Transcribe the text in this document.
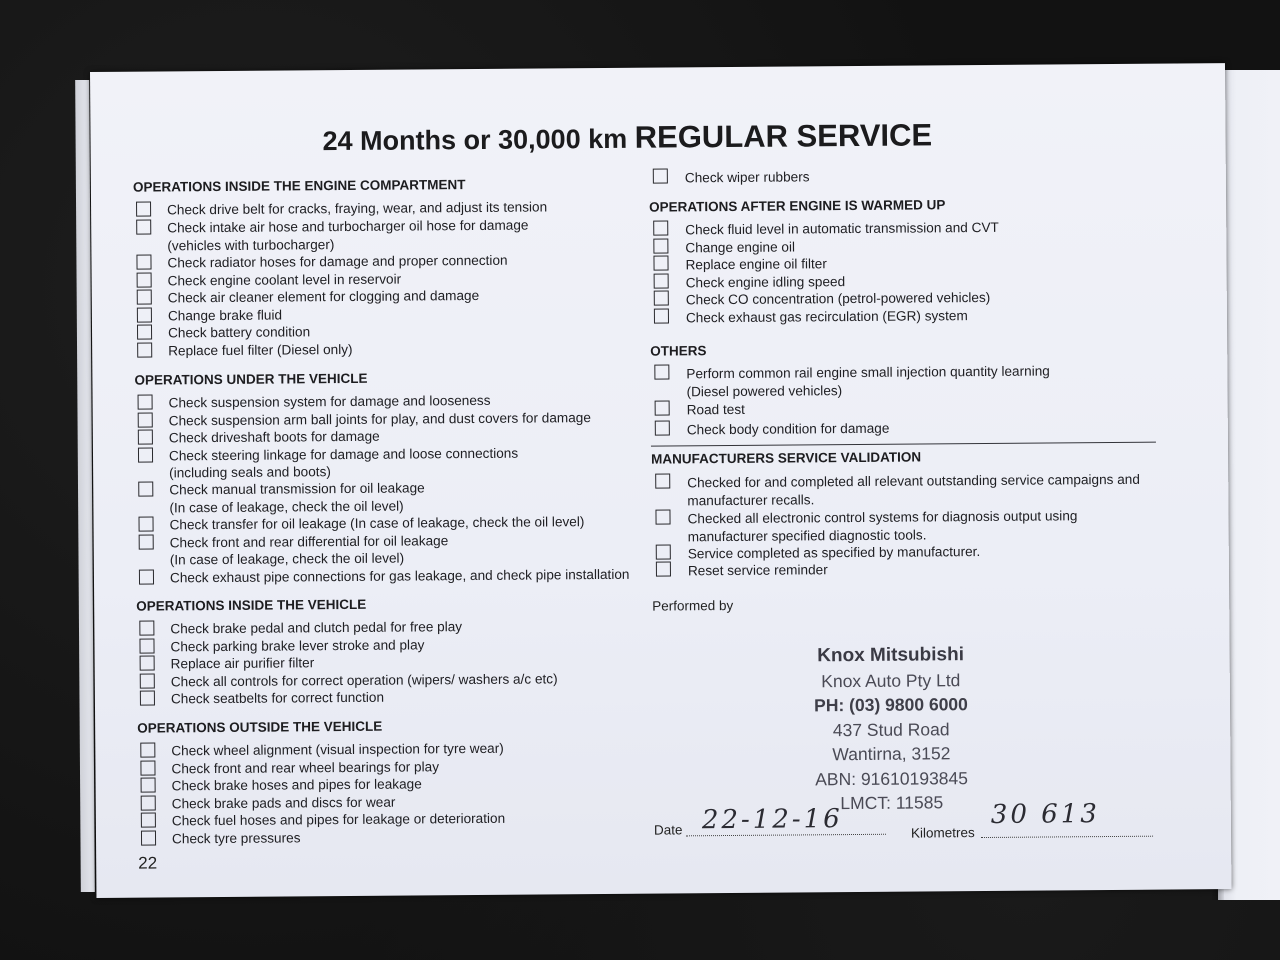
24 Months or 30,000 km REGULAR SERVICE
OPERATIONS INSIDE THE ENGINE COMPARTMENT
Check drive belt for cracks, fraying, wear, and adjust its tension
Check intake air hose and turbocharger oil hose for damage
(vehicles with turbocharger)
Check radiator hoses for damage and proper connection
Check engine coolant level in reservoir
Check air cleaner element for clogging and damage
Change brake fluid
Check battery condition
Replace fuel filter (Diesel only)
OPERATIONS UNDER THE VEHICLE
Check suspension system for damage and looseness
Check suspension arm ball joints for play, and dust covers for damage
Check driveshaft boots for damage
Check steering linkage for damage and loose connections
(including seals and boots)
Check manual transmission for oil leakage
(In case of leakage, check the oil level)
Check transfer for oil leakage (In case of leakage, check the oil level)
Check front and rear differential for oil leakage
(In case of leakage, check the oil level)
Check exhaust pipe connections for gas leakage, and check pipe installation
OPERATIONS INSIDE THE VEHICLE
Check brake pedal and clutch pedal for free play
Check parking brake lever stroke and play
Replace air purifier filter
Check all controls for correct operation (wipers/ washers a/c etc)
Check seatbelts for correct function
OPERATIONS OUTSIDE THE VEHICLE
Check wheel alignment (visual inspection for tyre wear)
Check front and rear wheel bearings for play
Check brake hoses and pipes for leakage
Check brake pads and discs for wear
Check fuel hoses and pipes for leakage or deterioration
Check tyre pressures
22
Check wiper rubbers
OPERATIONS AFTER ENGINE IS WARMED UP
Check fluid level in automatic transmission and CVT
Change engine oil
Replace engine oil filter
Check engine idling speed
Check CO concentration (petrol-powered vehicles)
Check exhaust gas recirculation (EGR) system
OTHERS
Perform common rail engine small injection quantity learning
(Diesel powered vehicles)
Road test
Check body condition for damage
MANUFACTURERS SERVICE VALIDATION
Checked for and completed all relevant outstanding service campaigns and
manufacturer recalls.
Checked all electronic control systems for diagnosis output using
manufacturer specified diagnostic tools.
Service completed as specified by manufacturer.
Reset service reminder
Performed by
Knox Mitsubishi
Knox Auto Pty Ltd
PH: (03) 9800 6000
437 Stud Road
Wantirna, 3152
ABN: 91610193845
LMCT: 11585
Date 22-12-16	Kilometres
30 613
